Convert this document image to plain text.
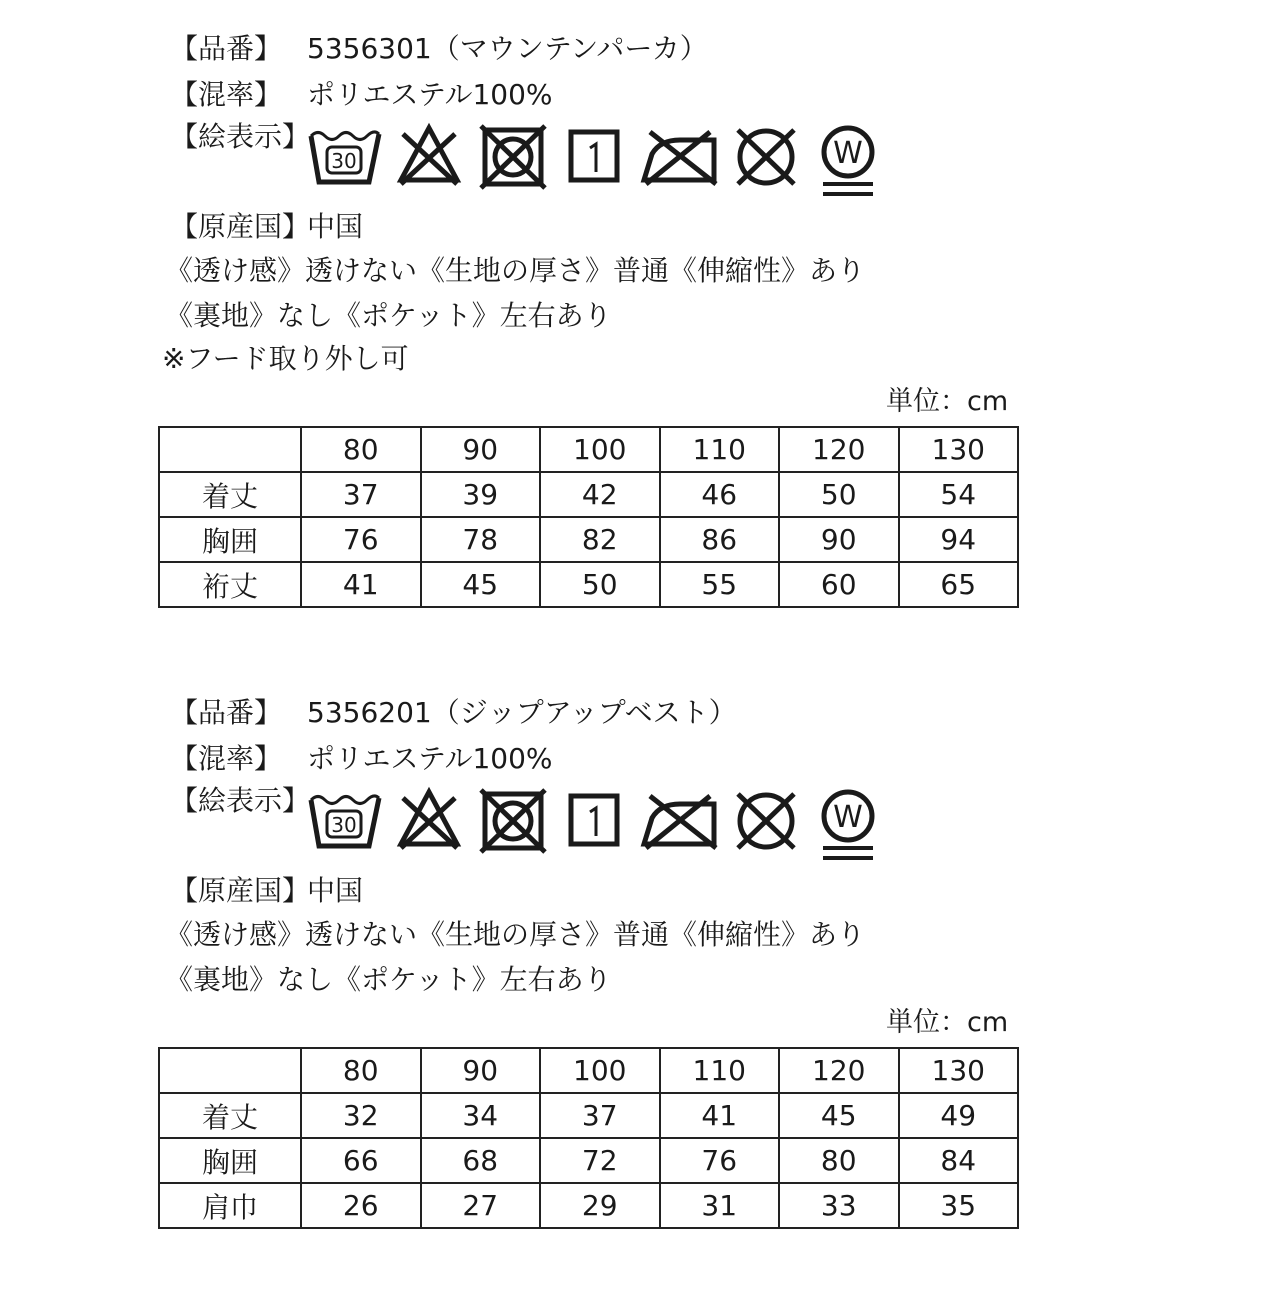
【品番】 5356301（マウンテンパーカ）
【混率】 ポリエステル100%
【絵表示】
30	W
【原産国】
中国
《透け感》透けない《生地の厚さ》普通《伸縮性》あり
《裏地》なし《ポケット》左右あり
※フード取り外し可
単位：cm
	80	90	100	110	120	130
着丈	37	39	42	46	50	54
胸囲	76	78	82	86	90	94
裄丈	41	45	50	55	60	65
【品番】 5356201（ジップアップベスト）
【混率】 ポリエステル100%
【絵表示】
30	W
【原産国】
中国
《透け感》透けない《生地の厚さ》普通《伸縮性》あり
《裏地》なし《ポケット》左右あり
単位：cm
	80	90	100	110	120	130
着丈	32	34	37	41	45	49
胸囲	66	68	72	76	80	84
肩巾	26	27	29	31	33	35
